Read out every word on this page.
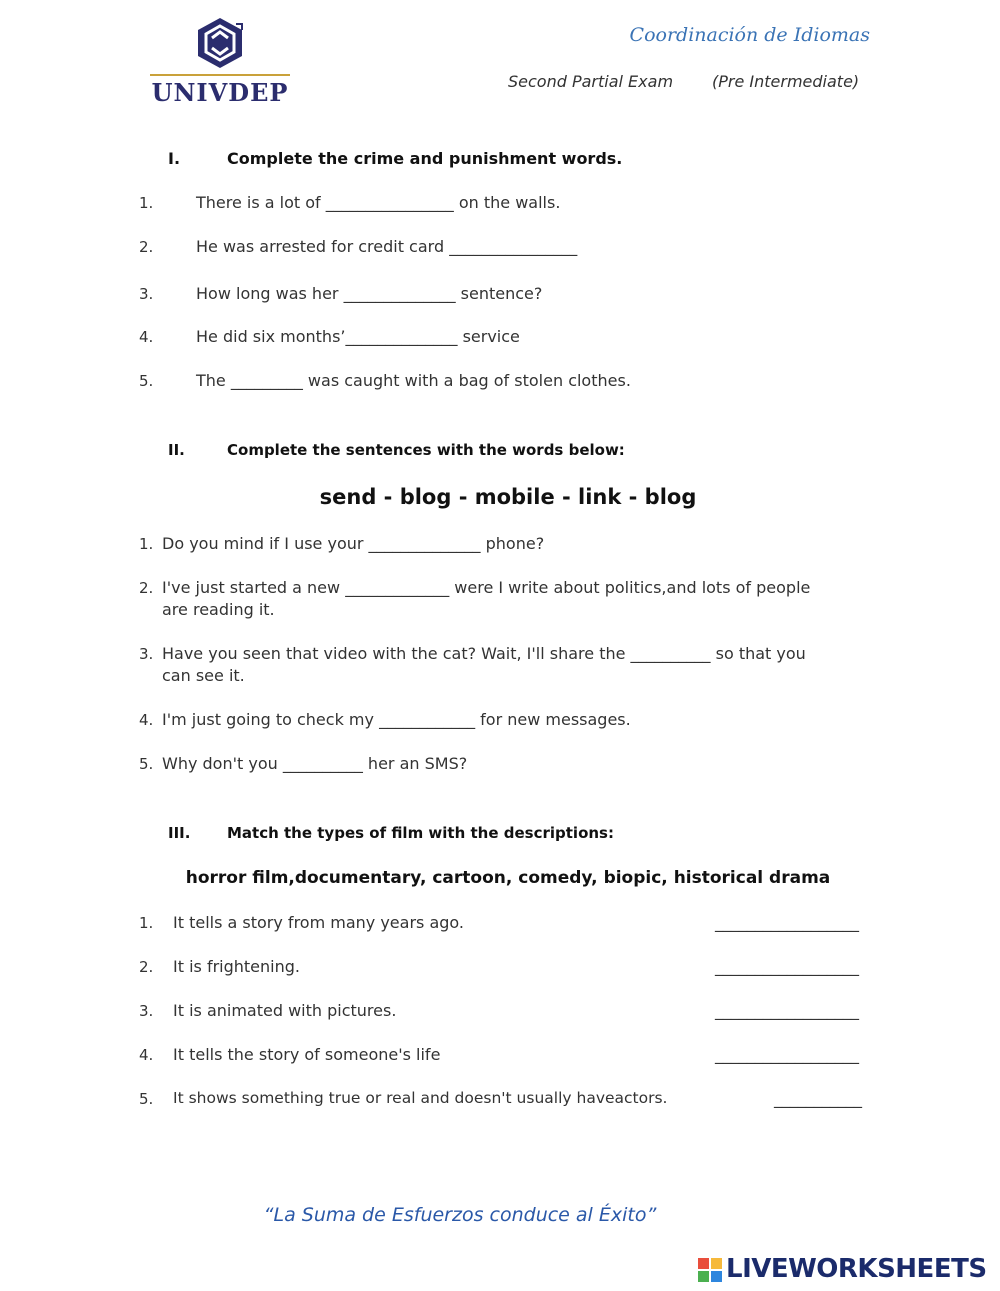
UNIVDEP
Coordinación de Idiomas
Second Partial Exam (Pre Intermediate)
I.	Complete the crime and punishment words.
1.	There is a lot of ________________ on the walls.
2.	He was arrested for credit card ________________
3.	How long was her ______________ sentence?
4.	He did six months’______________ service
5.	The _________ was caught with a bag of stolen clothes.
II.	Complete the sentences with the words below:
send - blog - mobile - link - blog
1. Do you mind if I use your ______________ phone?
2. I've just started a new _____________ were I write about politics,and lots of people
are reading it.
3. Have you seen that video with the cat? Wait, I'll share the __________ so that you
can see it.
4. I'm just going to check my ____________ for new messages.
5. Why don't you __________ her an SMS?
III. Match the types of film with the descriptions:
horror film,documentary, cartoon, comedy, biopic, historical drama
1. It tells a story from many years ago.	__________________
2. It is frightening.	__________________
3. It is animated with pictures.	__________________
4. It tells the story of someone's life	__________________
5. It shows something true or real and doesn't usually haveactors.	___________
“La Suma de Esfuerzos conduce al Éxito”
LIVEWORKSHEETS
